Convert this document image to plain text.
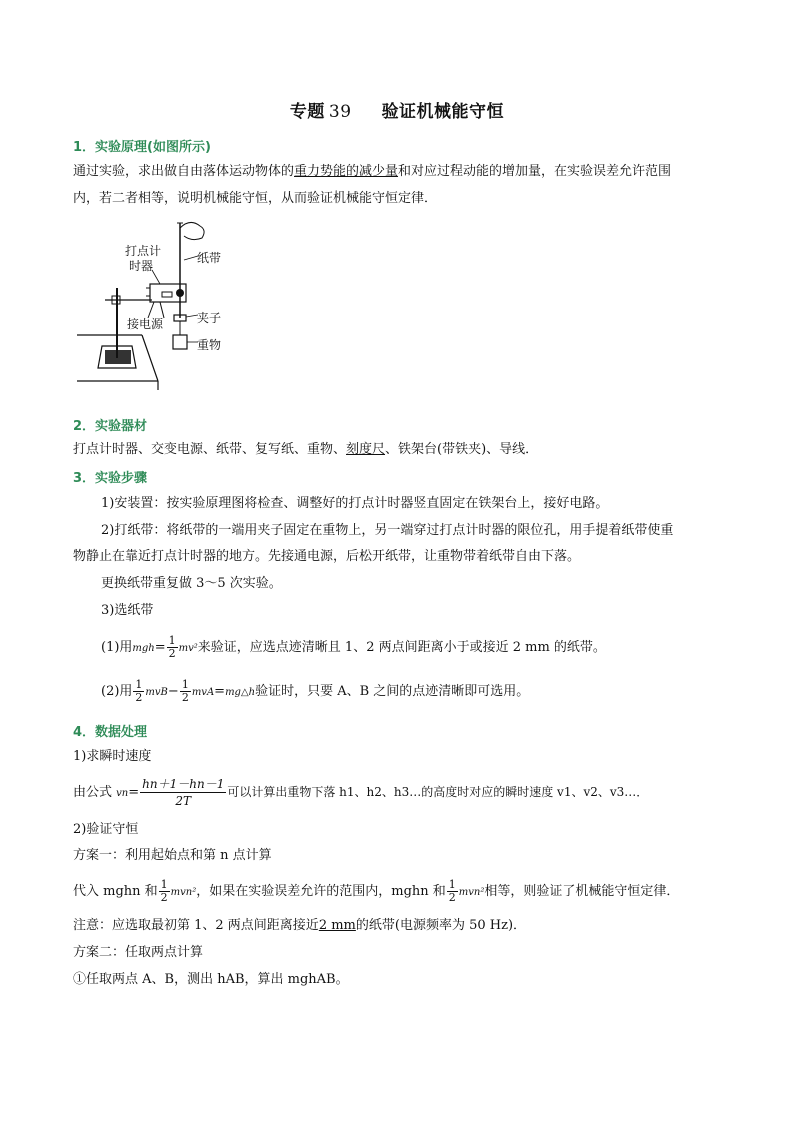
专题 39 验证机械能守恒
1．实验原理(如图所示)
通过实验，求出做自由落体运动物体的重力势能的减少量和对应过程动能的增加量，在实验误差允许范围
内，若二者相等，说明机械能守恒，从而验证机械能守恒定律．
打点计
时器
纸带
接电源	夹子
重物
2．实验器材
打点计时器、交变电源、纸带、复写纸、重物、刻度尺、铁架台(带铁夹)、导线．
3．实验步骤
1)安装置：按实验原理图将检查、调整好的打点计时器竖直固定在铁架台上，接好电路。
2)打纸带：将纸带的一端用夹子固定在重物上，另一端穿过打点计时器的限位孔，用手提着纸带使重
物静止在靠近打点计时器的地方。先接通电源，后松开纸带，让重物带着纸带自由下落。
更换纸带重复做 3～5 次实验。
3)选纸带
(1)用$mgh= \frac{1}{2} mv^2$来验证，应选点迹清晰且 1、2 两点间距离小于或接近 2 mm 的纸带。
(2)用 $\frac{1}{2} mvB- \frac{1}{2}$ mvA=mg△h验证时，只要 A、B 之间的点迹清晰即可选用。
4．数据处理
1)求瞬时速度
由公式 $vn= \frac{hn+1-hn-1}{2T}$ 可以计算出重物下落 h1、h2、h3…的高度时对应的瞬时速度 v1、v2、v3…．
2)验证守恒
方案一：利用起始点和第 n 点计算
代入 mghn 和 $\frac{1}{2} mvn^2$，如果在实验误差允许的范围内，mghn 和 $\frac{1}{2} mvn^2$相等，则验证了机械能守恒定律．
注意：应选取最初第 1、2 两点间距离接近2 mm的纸带(电源频率为 50 Hz)．
方案二：任取两点计算
①任取两点 A、B，测出 hAB，算出 mghAB。
